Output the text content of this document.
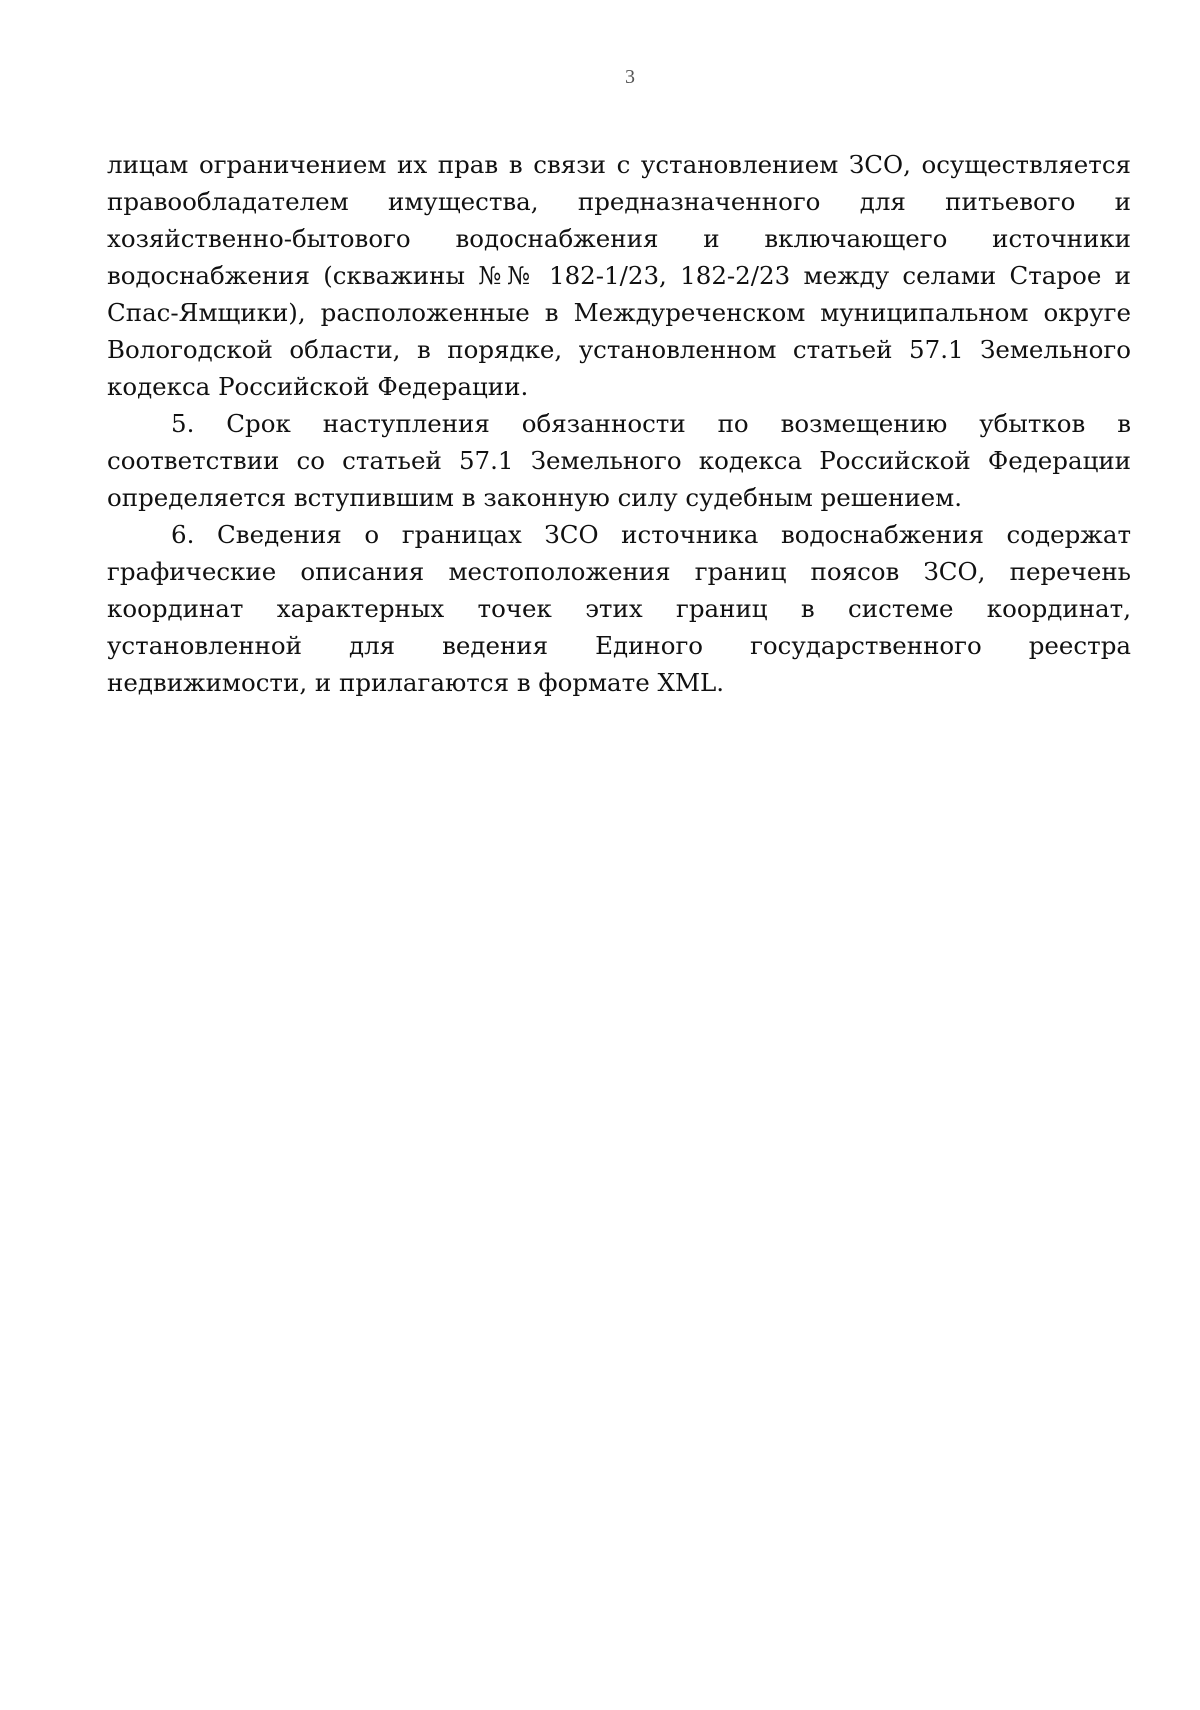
3

лицам ограничением их прав в связи с установлением ЗСО, осуществляется правообладателем имущества, предназначенного для питьевого и хозяйственно-бытового водоснабжения и включающего источники водоснабжения (скважины №№ 182-1/23, 182-2/23 между селами Старое и Спас-Ямщики), расположенные в Междуреченском муниципальном округе Вологодской области, в порядке, установленном статьей 57.1 Земельного кодекса Российской Федерации.

5. Срок наступления обязанности по возмещению убытков в соответствии со статьей 57.1 Земельного кодекса Российской Федерации определяется вступившим в законную силу судебным решением.

6. Сведения о границах ЗСО источника водоснабжения содержат графические описания местоположения границ поясов ЗСО, перечень координат характерных точек этих границ в системе координат, установленной для ведения Единого государственного реестра недвижимости, и прилагаются в формате XML.
